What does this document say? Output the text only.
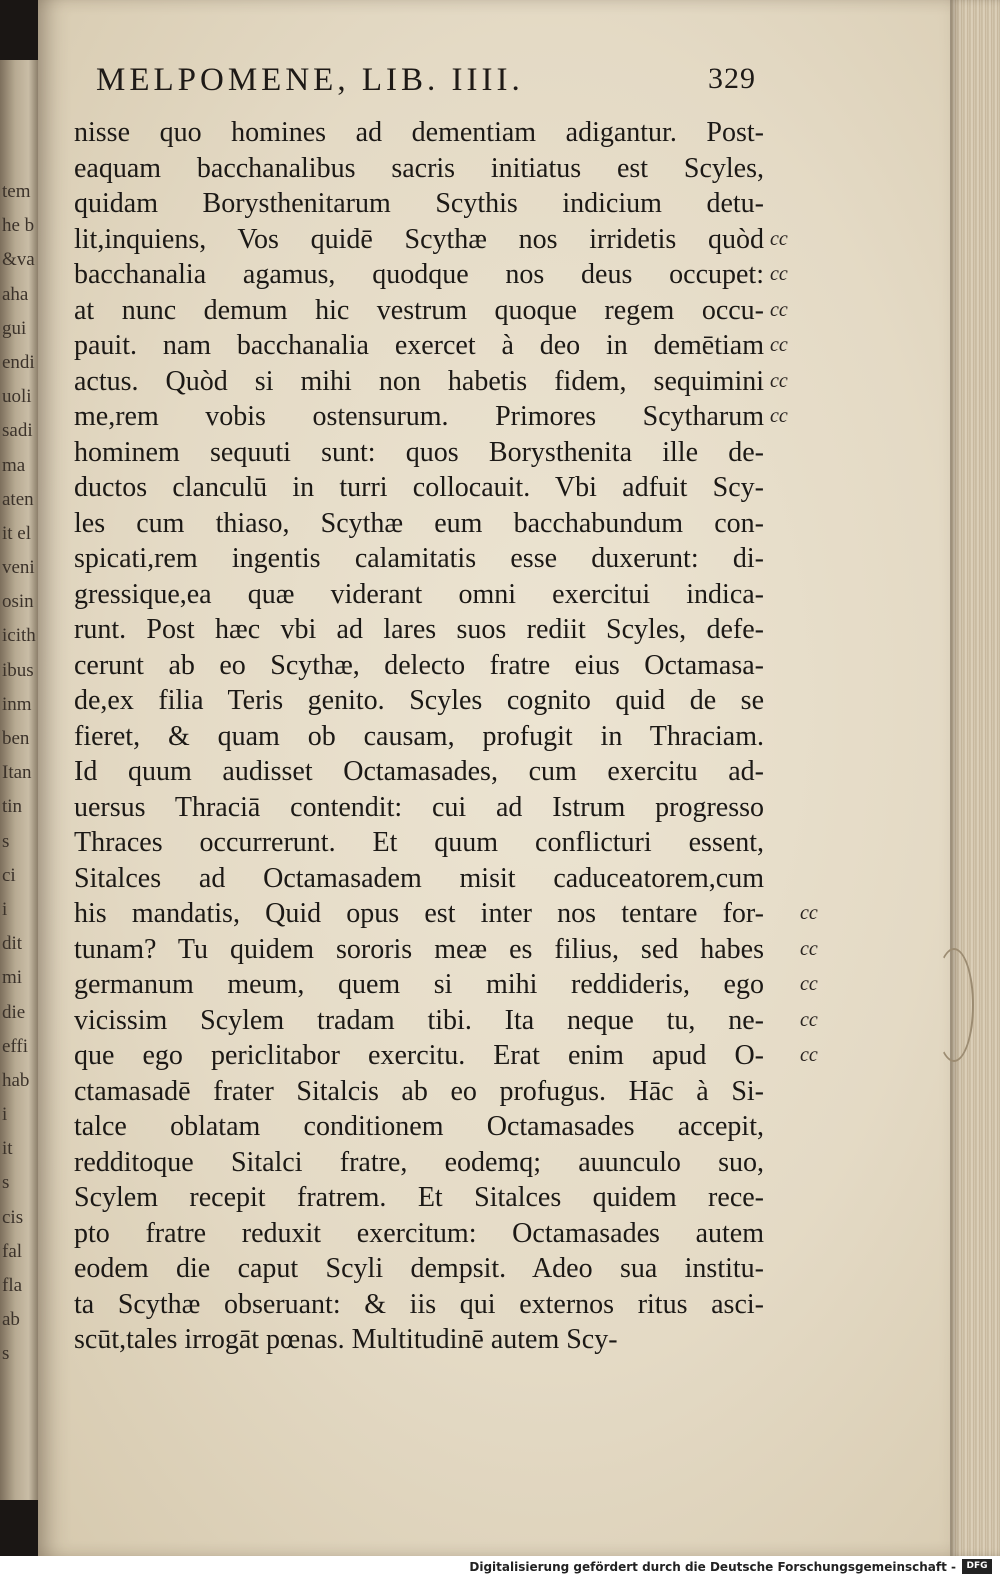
tem
he b
&va
aha
gui
endi
uoli
sadi
ma
aten
it el
veni
osin
icith
ibus
inm
ben
Itan
tin
s
ci
i
dit
mi
die
effi
hab
i
it
s
cis
fal
fla
ab
s
MELPOMENE, LIB. IIII.	329
nisse quo homines ad dementiam adigantur. Post-
eaquam bacchanalibus sacris initiatus est Scyles,
quidam Borysthenitarum Scythis indicium detu-
lit,inquiens, Vos quidē Scythæ nos irridetis quòd
bacchanalia agamus, quodque nos deus occupet:
at nunc demum hic vestrum quoque regem occu-
pauit. nam bacchanalia exercet à deo in demētiam
actus. Quòd si mihi non habetis fidem, sequimini
me,rem vobis ostensurum. Primores Scytharum
hominem sequuti sunt: quos Borysthenita ille de-
ductos clanculū in turri collocauit. Vbi adfuit Scy-
les cum thiaso, Scythæ eum bacchabundum con-
spicati,rem ingentis calamitatis esse duxerunt: di-
gressique,ea quæ viderant omni exercitui indica-
runt. Post hæc vbi ad lares suos rediit Scyles, defe-
cerunt ab eo Scythæ, delecto fratre eius Octamasa-
de,ex filia Teris genito. Scyles cognito quid de se
fieret, & quam ob causam, profugit in Thraciam.
Id quum audisset Octamasades, cum exercitu ad-
uersus Thraciā contendit: cui ad Istrum progresso
Thraces occurrerunt. Et quum conflicturi essent,
Sitalces ad Octamasadem misit caduceatorem,cum
his mandatis, Quid opus est inter nos tentare for-
tunam? Tu quidem sororis meæ es filius, sed habes
germanum meum, quem si mihi reddideris, ego
vicissim Scylem tradam tibi. Ita neque tu, ne-
que ego periclitabor exercitu. Erat enim apud O-
ctamasadē frater Sitalcis ab eo profugus. Hāc à Si-
talce oblatam conditionem Octamasades accepit,
redditoque Sitalci fratre, eodemq; auunculo suo,
Scylem recepit fratrem. Et Sitalces quidem rece-
pto fratre reduxit exercitum: Octamasades autem
eodem die caput Scyli dempsit. Adeo sua institu-
ta Scythæ obseruant: & iis qui externos ritus asci-
scūt,tales irrogāt pœnas. Multitudinē autem Scy-
cc
cc
cc
cc
cc
cc
cc
cc
cc
cc
cc
Digitalisierung gefördert durch die Deutsche Forschungsgemeinschaft -	DFG
